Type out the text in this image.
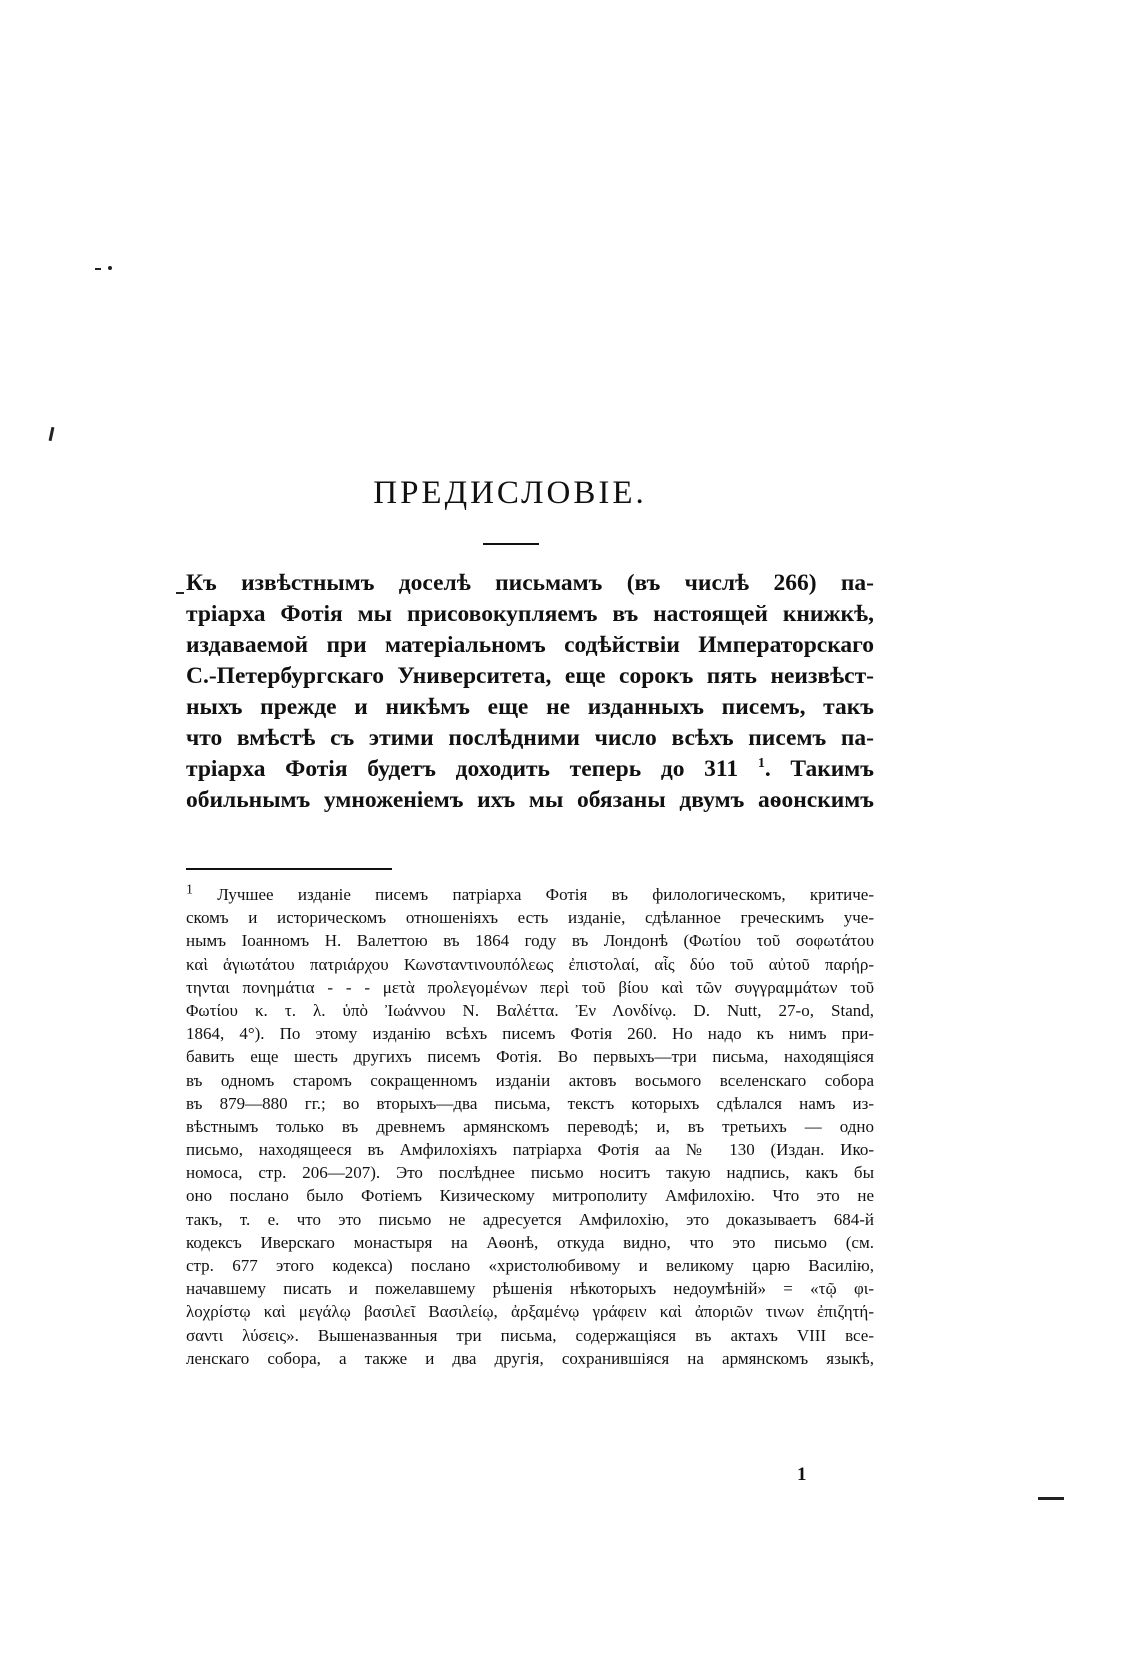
ПРЕДИСЛОВIE.
Къ извѣстнымъ доселѣ письмамъ (въ числѣ 266) па-
тріарха Фотія мы присовокупляемъ въ настоящей книжкѣ,
издаваемой при матеріальномъ содѣйствіи Императорскаго
С.-Петербургскаго Университета, еще сорокъ пять неизвѣст-
ныхъ прежде и никѣмъ еще не изданныхъ писемъ, такъ
что вмѣстѣ съ этими послѣдними число всѣхъ писемъ па-
тріарха Фотія будетъ доходить теперь до 311 $^1$. Такимъ
обильнымъ умноженіемъ ихъ мы обязаны двумъ аѳонскимъ
$^1$ Лучшее изданіе писемъ патріарха Фотія въ филологическомъ, критиче-
скомъ и историческомъ отношеніяхъ есть изданіе, сдѣланное греческимъ уче-
нымъ Іоанномъ Н. Валеттою въ 1864 году въ Лондонѣ (Φωτίου τοῦ σοφωτάτου
καὶ ἁγιωτάτου πατριάρχου Κωνσταντινουπόλεως ἐπιστολαί, αἷς δύο τοῦ αὐτοῦ παρήρ-
τηνται πονημάτια - - - μετὰ προλεγομένων περὶ τοῦ βίου καὶ τῶν συγγραμμάτων τοῦ
Φωτίου κ. τ. λ. ὑπὸ Ἰωάννου Ν. Βαλέττα. Ἐν Λονδίνῳ. D. Nutt, 27-o, Stand,
1864, 4°). По этому изданію всѣхъ писемъ Фотія 260. Но надо къ нимъ при-
бавить еще шесть другихъ писемъ Фотія. Во первыхъ—три письма, находящіяся
въ одномъ старомъ сокращенномъ изданіи актовъ восьмого вселенскаго собора
въ 879—880 гг.; во вторыхъ—два письма, текстъ которыхъ сдѣлался намъ из-
вѣстнымъ только въ древнемъ армянскомъ переводѣ; и, въ третьихъ — одно
письмо, находящееся въ Амфилохіяхъ патріарха Фотія аа № 130 (Издан. Ико-
номоса, стр. 206—207). Это послѣднее письмо носитъ такую надпись, какъ бы
оно послано было Фотіемъ Кизическому митрополиту Амфилохію. Что это не
такъ, т. е. что это письмо не адресуется Амфилохію, это доказываетъ 684-й
кодексъ Иверскаго монастыря на Аѳонѣ, откуда видно, что это письмо (см.
стр. 677 этого кодекса) послано «христолюбивому и великому царю Василію,
начавшему писать и пожелавшему рѣшенія нѣкоторыхъ недоумѣній» = «τῷ φι-
λοχρίστῳ καὶ μεγάλῳ βασιλεῖ Βασιλείῳ, ἀρξαμένῳ γράφειν καὶ ἀποριῶν τινων ἐπιζητή-
σαντι λύσεις». Вышеназванныя три письма, содержащіяся въ актахъ VIII все-
ленскаго собора, а также и два другія, сохранившіяся на армянскомъ языкѣ,
1
